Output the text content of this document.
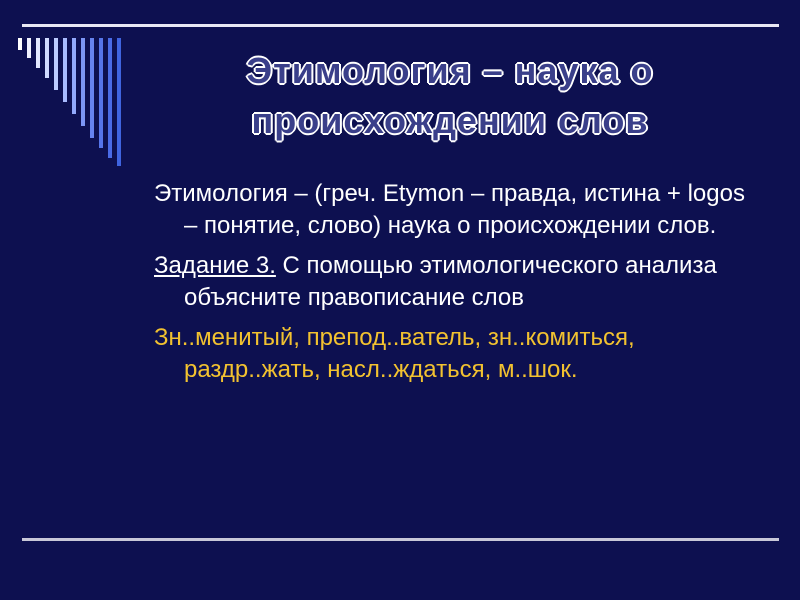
Этимология – наука о
происхождении слов

Этимология – (греч. Etymon – правда, истина + logos – понятие, слово) наука о происхождении слов.

Задание 3. С помощью этимологического анализа объясните правописание слов

Зн..менитый, препод..ватель, зн..комиться, раздр..жать, насл..ждаться, м..шок.
